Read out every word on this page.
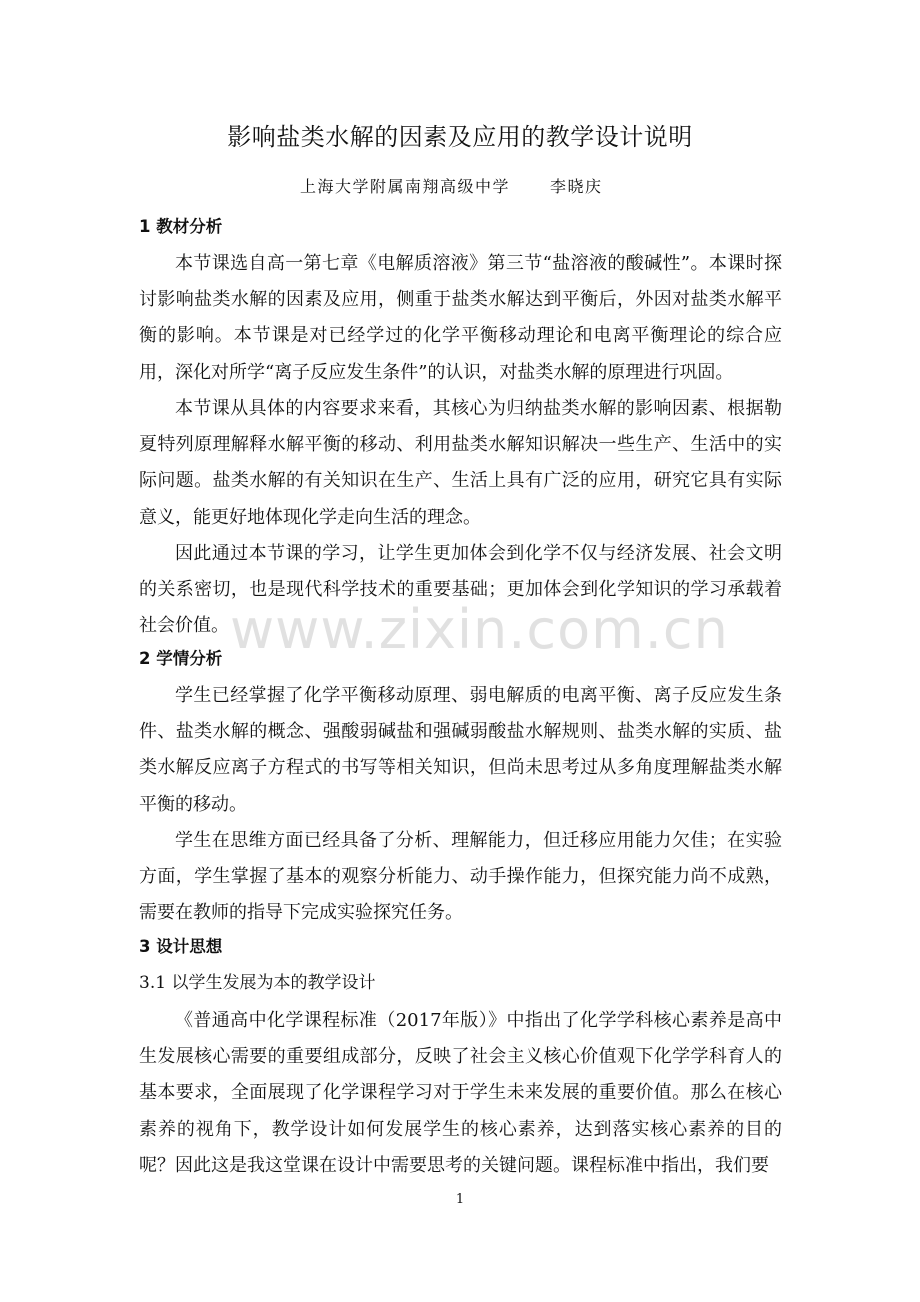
影响盐类水解的因素及应用的教学设计说明
上海大学附属南翔高级中学	李晓庆
1 教材分析

本节课选自高一第七章《电解质溶液》第三节“盐溶液的酸碱性”。本课时探讨影响盐类水解的因素及应用，侧重于盐类水解达到平衡后，外因对盐类水解平衡的影响。本节课是对已经学过的化学平衡移动理论和电离平衡理论的综合应用，深化对所学“离子反应发生条件”的认识，对盐类水解的原理进行巩固。

本节课从具体的内容要求来看，其核心为归纳盐类水解的影响因素、根据勒夏特列原理解释水解平衡的移动、利用盐类水解知识解决一些生产、生活中的实际问题。盐类水解的有关知识在生产、生活上具有广泛的应用，研究它具有实际意义，能更好地体现化学走向生活的理念。

因此通过本节课的学习，让学生更加体会到化学不仅与经济发展、社会文明的关系密切，也是现代科学技术的重要基础；更加体会到化学知识的学习承载着社会价值。 www.zixin.com.cn
2 学情分析

学生已经掌握了化学平衡移动原理、弱电解质的电离平衡、离子反应发生条件、盐类水解的概念、强酸弱碱盐和强碱弱酸盐水解规则、盐类水解的实质、盐类水解反应离子方程式的书写等相关知识，但尚未思考过从多角度理解盐类水解平衡的移动。

学生在思维方面已经具备了分析、理解能力，但迁移应用能力欠佳；在实验方面，学生掌握了基本的观察分析能力、动手操作能力，但探究能力尚不成熟，需要在教师的指导下完成实验探究任务。

3 设计思想
3.1 以学生发展为本的教学设计

《普通高中化学课程标准（2017年版）》中指出了化学学科核心素养是高中生发展核心需要的重要组成部分，反映了社会主义核心价值观下化学学科育人的基本要求，全面展现了化学课程学习对于学生未来发展的重要价值。那么在核心素养的视角下，教学设计如何发展学生的核心素养，达到落实核心素养的目的呢？ 因此这是我这堂课在设计中需要思考的关键问题。课程标准中指出，我们要

1
